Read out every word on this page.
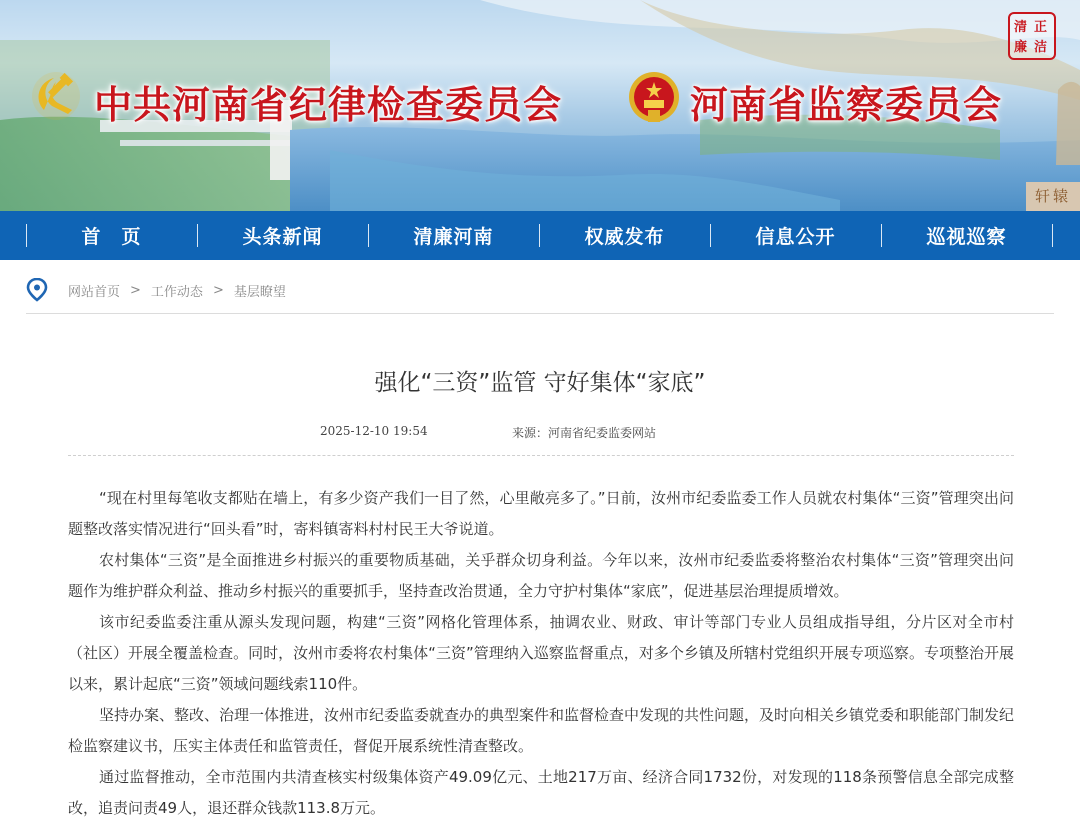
中共河南省纪律检查委员会	河南省监察委员会
清 正
廉 洁
轩辕
首　页	头条新闻	清廉河南	权威发布	信息公开	巡视巡察
网站首页 > 工作动态 > 基层瞭望
强化“三资”监管 守好集体“家底”
2025-12-10 19:54	来源：河南省纪委监委网站

“现在村里每笔收支都贴在墙上，有多少资产我们一目了然，心里敞亮多了。”日前，汝州市纪委监委工作人员就农村集体“三资”管理突出问题整改落实情况进行“回头看”时，寄料镇寄料村村民王大爷说道。

农村集体“三资”是全面推进乡村振兴的重要物质基础，关乎群众切身利益。今年以来，汝州市纪委监委将整治农村集体“三资”管理突出问题作为维护群众利益、推动乡村振兴的重要抓手，坚持查改治贯通，全力守护村集体“家底”，促进基层治理提质增效。

该市纪委监委注重从源头发现问题，构建“三资”网格化管理体系，抽调农业、财政、审计等部门专业人员组成指导组，分片区对全市村（社区）开展全覆盖检查。同时，汝州市委将农村集体“三资”管理纳入巡察监督重点，对多个乡镇及所辖村党组织开展专项巡察。专项整治开展以来，累计起底“三资”领域问题线索110件。

坚持办案、整改、治理一体推进，汝州市纪委监委就查办的典型案件和监督检查中发现的共性问题，及时向相关乡镇党委和职能部门制发纪检监察建议书，压实主体责任和监管责任，督促开展系统性清查整改。

通过监督推动，全市范围内共清查核实村级集体资产49.09亿元、土地217万亩、经济合同1732份，对发现的118条预警信息全部完成整改，追责问责49人，退还群众钱款113.8万元。
